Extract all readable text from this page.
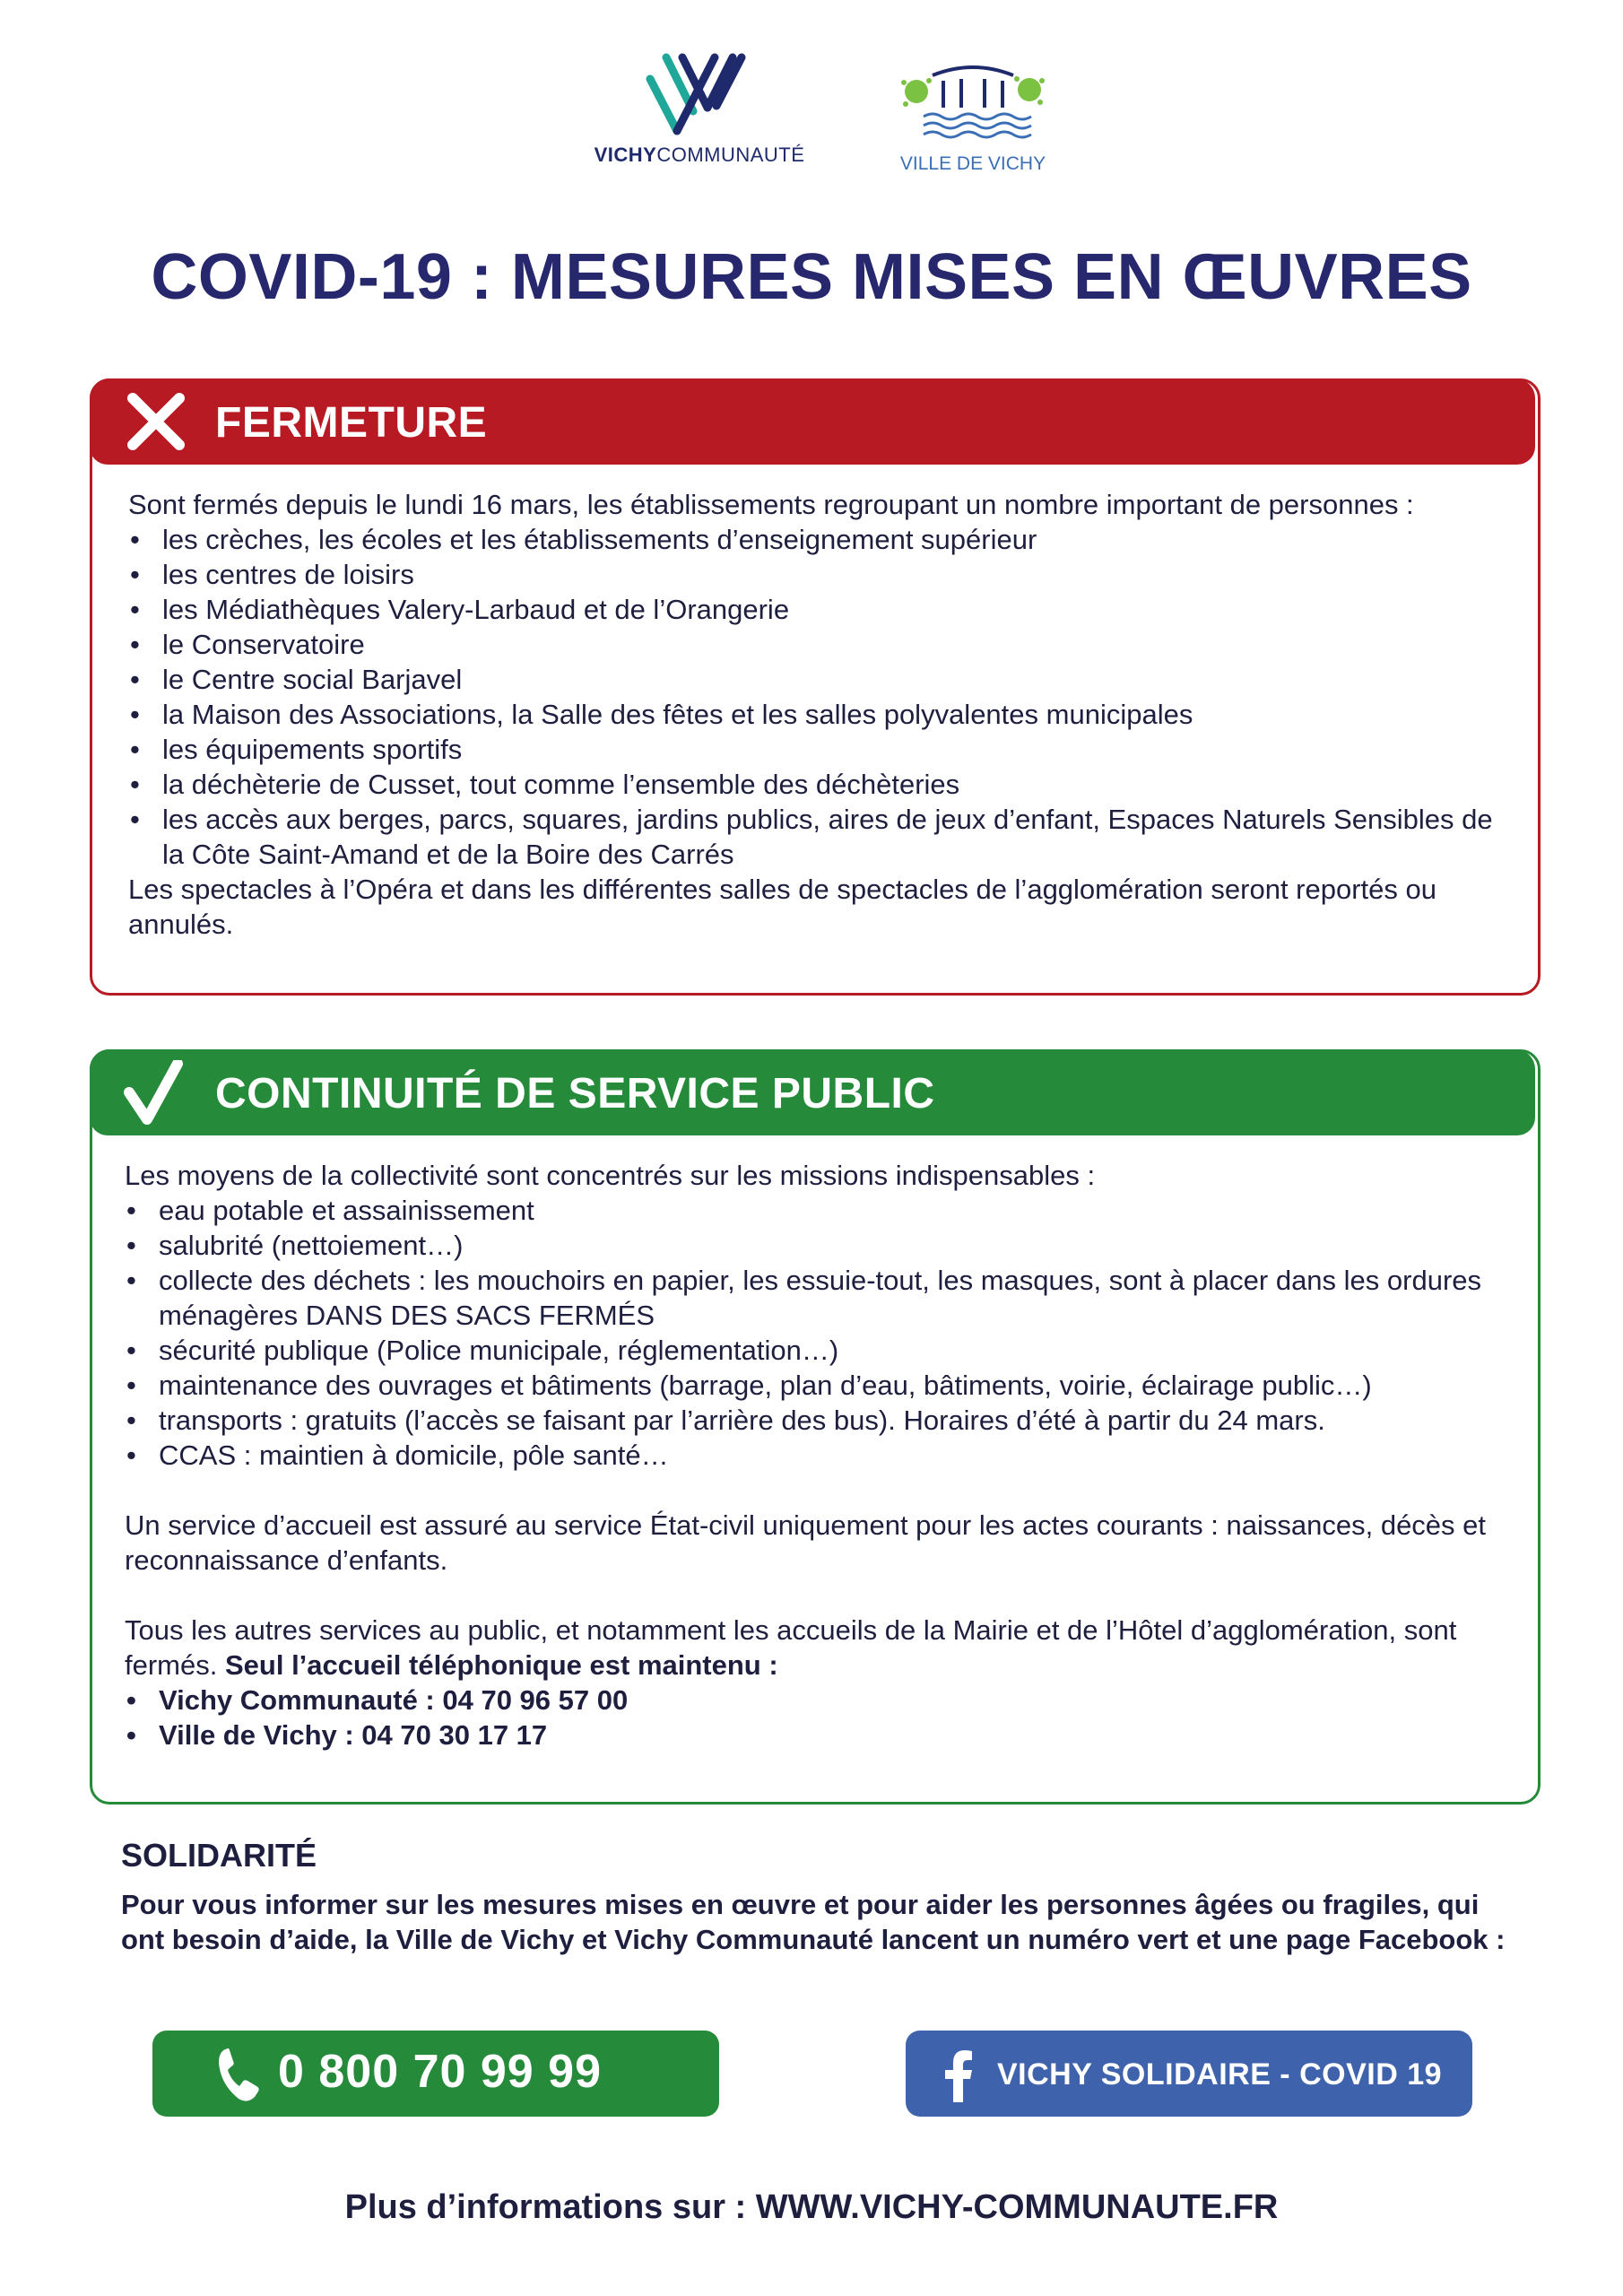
VICHYCOMMUNAUTÉ	VILLE DE VICHY
COVID-19 : MESURES MISES EN ŒUVRES
FERMETURE

Sont fermés depuis le lundi 16 mars, les établissements regroupant un nombre important de personnes :

• les crèches, les écoles et les établissements d’enseignement supérieur
• les centres de loisirs
• les Médiathèques Valery-Larbaud et de l’Orangerie
• le Conservatoire
• le Centre social Barjavel
• la Maison des Associations, la Salle des fêtes et les salles polyvalentes municipales
• les équipements sportifs
• la déchèterie de Cusset, tout comme l’ensemble des déchèteries
• les accès aux berges, parcs, squares, jardins publics, aires de jeux d’enfant, Espaces Naturels Sensibles de la Côte Saint-Amand et de la Boire des Carrés

Les spectacles à l’Opéra et dans les différentes salles de spectacles de l’agglomération seront reportés ou annulés.

CONTINUITÉ DE SERVICE PUBLIC

Les moyens de la collectivité sont concentrés sur les missions indispensables :

• eau potable et assainissement
• salubrité (nettoiement…)
• collecte des déchets : les mouchoirs en papier, les essuie-tout, les masques, sont à placer dans les ordures ménagères DANS DES SACS FERMÉS
• sécurité publique (Police municipale, réglementation…)
• maintenance des ouvrages et bâtiments (barrage, plan d’eau, bâtiments, voirie, éclairage public…)
• transports : gratuits (l’accès se faisant par l’arrière des bus). Horaires d’été à partir du 24 mars.
• CCAS : maintien à domicile, pôle santé…

Un service d’accueil est assuré au service État-civil uniquement pour les actes courants : naissances, décès et reconnaissance d’enfants.

Tous les autres services au public, et notamment les accueils de la Mairie et de l’Hôtel d’agglomération, sont fermés. Seul l’accueil téléphonique est maintenu :

• Vichy Communauté : 04 70 96 57 00
• Ville de Vichy : 04 70 30 17 17
SOLIDARITÉ

Pour vous informer sur les mesures mises en œuvre et pour aider les personnes âgées ou fragiles, qui ont besoin d’aide, la Ville de Vichy et Vichy Communauté lancent un numéro vert et une page Facebook :

0 800 70 99 99	VICHY SOLIDAIRE - COVID 19
Plus d’informations sur : WWW.VICHY-COMMUNAUTE.FR
